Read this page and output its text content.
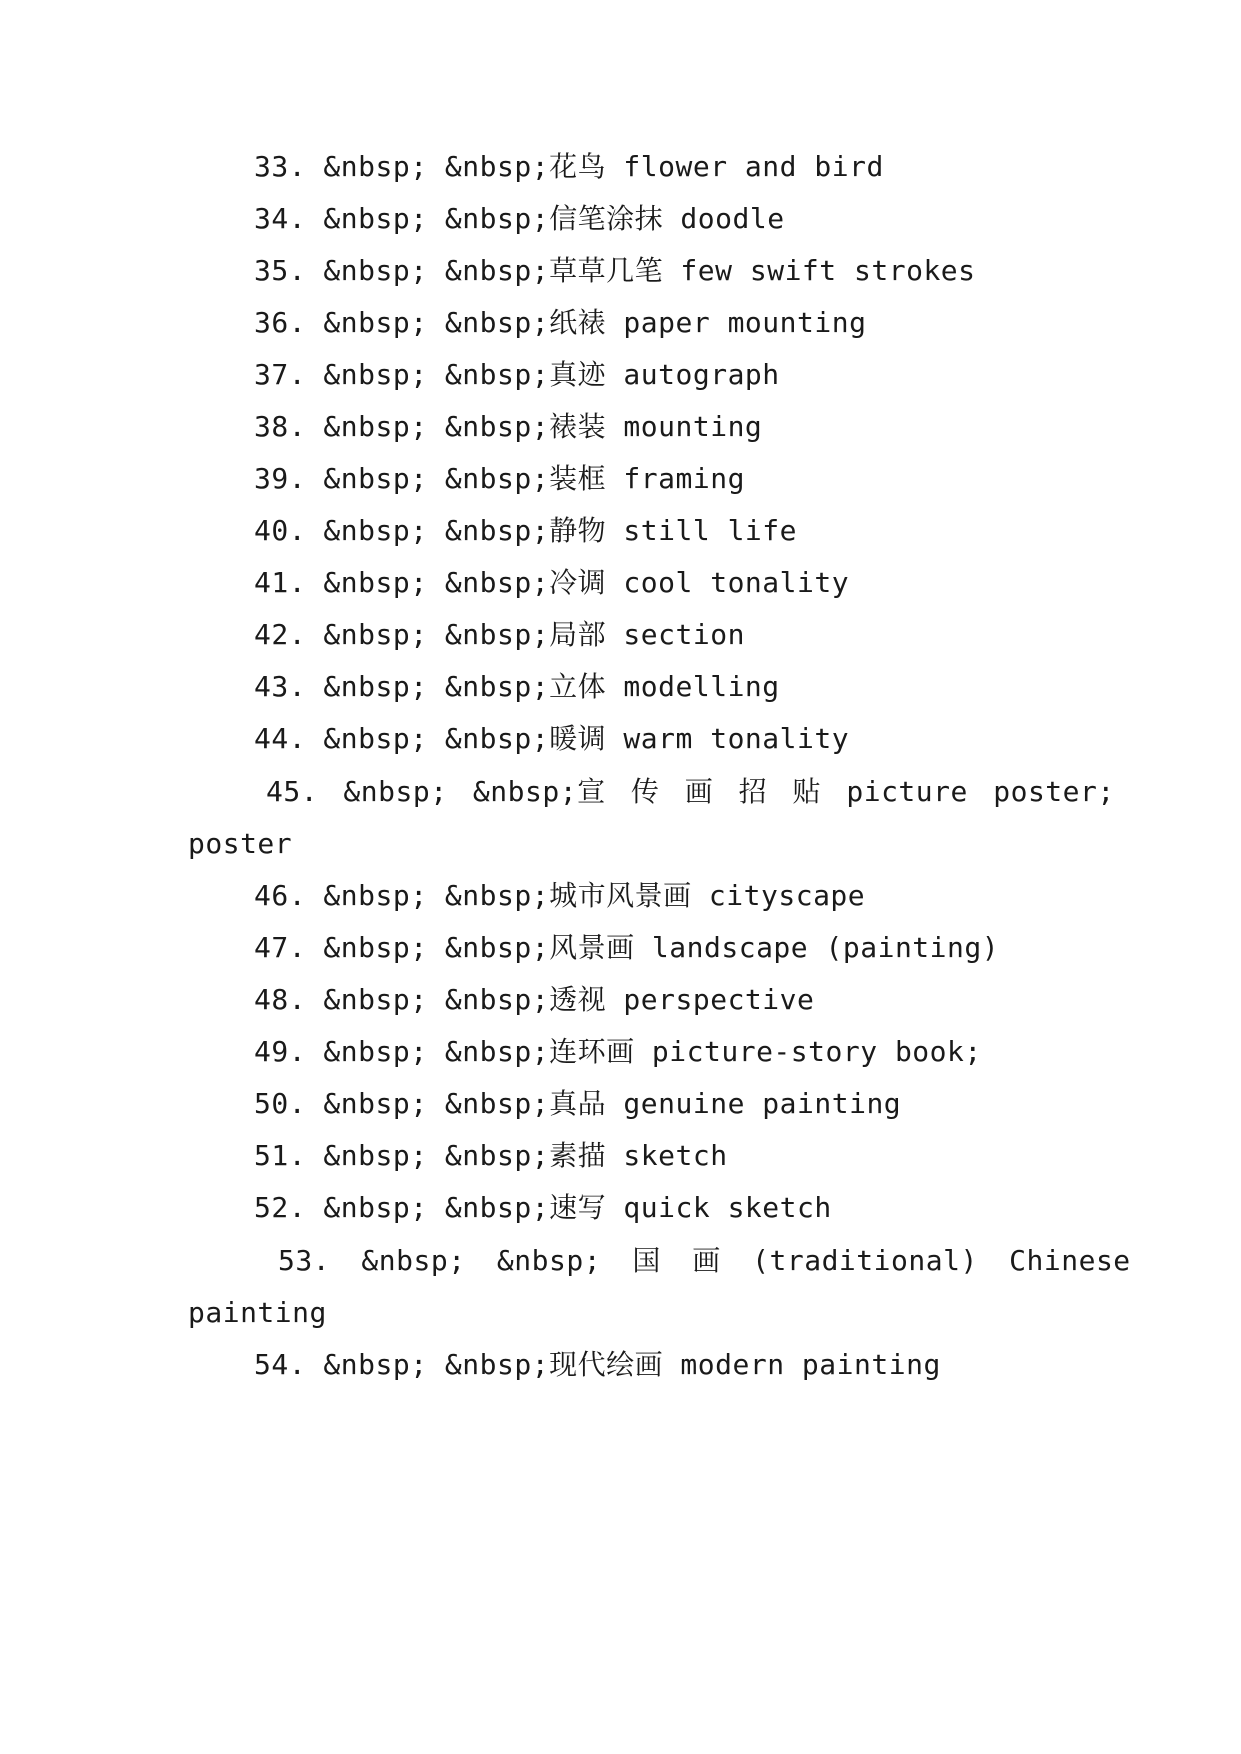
33. &nbsp; &nbsp;花鸟 flower and bird
34. &nbsp; &nbsp;信笔涂抹 doodle
35. &nbsp; &nbsp;草草几笔 few swift strokes
36. &nbsp; &nbsp;纸裱 paper mounting
37. &nbsp; &nbsp;真迹 autograph
38. &nbsp; &nbsp;裱装 mounting
39. &nbsp; &nbsp;装框 framing
40. &nbsp; &nbsp;静物 still life
41. &nbsp; &nbsp;冷调 cool tonality
42. &nbsp; &nbsp;局部 section
43. &nbsp; &nbsp;立体 modelling
44. &nbsp; &nbsp;暖调 warm tonality
45. &nbsp; &nbsp;宣 传 画 招 贴 picture poster;
poster
46. &nbsp; &nbsp;城市风景画 cityscape
47. &nbsp; &nbsp;风景画 landscape (painting)
48. &nbsp; &nbsp;透视 perspective
49. &nbsp; &nbsp;连环画 picture-story book;
50. &nbsp; &nbsp;真品 genuine painting
51. &nbsp; &nbsp;素描 sketch
52. &nbsp; &nbsp;速写 quick sketch
53. &nbsp; &nbsp; 国 画 (traditional) Chinese
painting
54. &nbsp; &nbsp;现代绘画 modern painting
